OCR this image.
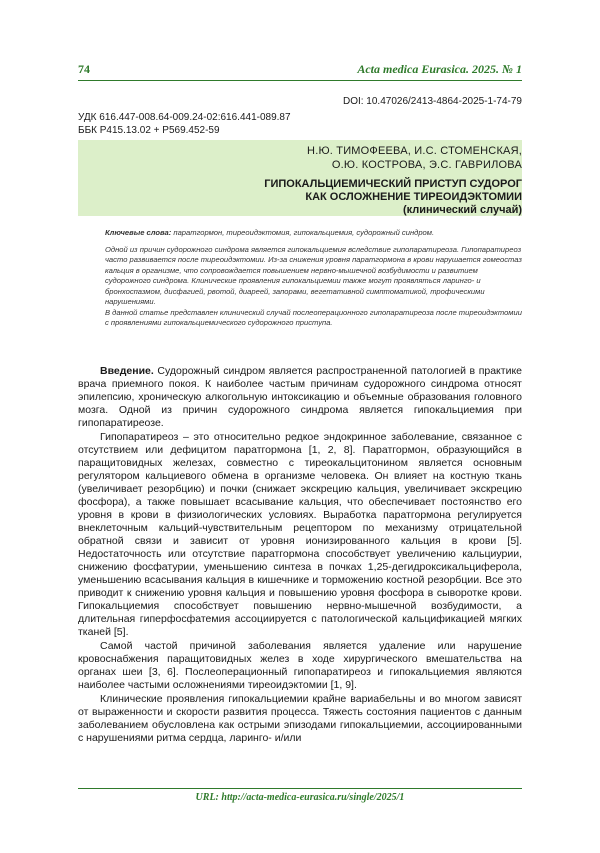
74	Acta medica Eurasica. 2025. № 1
DOI: 10.47026/2413-4864-2025-1-74-79
УДК 616.447-008.64-009.24-02:616.441-089.87
ББК Р415.13.02 + Р569.452-59
Н.Ю. ТИМОФЕЕВА, И.С. СТОМЕНСКАЯ,
О.Ю. КОСТРОВА, Э.С. ГАВРИЛОВА
ГИПОКАЛЬЦИЕМИЧЕСКИЙ ПРИСТУП СУДОРОГ
КАК ОСЛОЖНЕНИЕ ТИРЕОИДЭКТОМИИ
(клинический случай)

Ключевые слова: паратгормон, тиреоидэктомия, гипокальциемия, судорожный синдром.

Одной из причин судорожного синдрома является гипокальциемия вследствие гипопаратиреоза. Гипопаратиреоз часто развивается после тиреоидэктомии. Из-за снижения уровня паратгормона в крови нарушается гомеостаз кальция в организме, что сопровождается повышением нервно-мышечной возбудимости и развитием судорожного синдрома. Клинические проявления гипокальциемии также могут проявляться ларинго- и бронхоспазмом, дисфагией, рвотой, диареей, запорами, вегетативной симптоматикой, трофическими нарушениями.

В данной статье представлен клинический случай послеоперационного гипопаратиреоза после тиреоидэктомии с проявлениями гипокальциемического судорожного приступа.

Введение. Судорожный синдром является распространенной патологией в практике врача приемного покоя. К наиболее частым причинам судорожного синдрома относят эпилепсию, хроническую алкогольную интоксикацию и объемные образования головного мозга. Одной из причин судорожного синдрома является гипокальциемия при гипопаратиреозе.

Гипопаратиреоз – это относительно редкое эндокринное заболевание, связанное с отсутствием или дефицитом паратгормона [1, 2, 8]. Паратгормон, образующийся в паращитовидных железах, совместно с тиреокальцитонином является основным регулятором кальциевого обмена в организме человека. Он влияет на костную ткань (увеличивает резорбцию) и почки (снижает экскрецию кальция, увеличивает экскрецию фосфора), а также повышает всасывание кальция, что обеспечивает постоянство его уровня в крови в физиологических условиях. Выработка паратгормона регулируется внеклеточным кальций-чувствительным рецептором по механизму отрицательной обратной связи и зависит от уровня ионизированного кальция в крови [5]. Недостаточность или отсутствие паратгормона способствует увеличению кальциурии, снижению фосфатурии, уменьшению синтеза в почках 1,25-дегидроксикальциферола, уменьшению всасывания кальция в кишечнике и торможению костной резорбции. Все это приводит к снижению уровня кальция и повышению уровня фосфора в сыворотке крови. Гипокальциемия способствует повышению нервно-мышечной возбудимости, а длительная гиперфосфатемия ассоциируется с патологической кальцификацией мягких тканей [5].

Самой частой причиной заболевания является удаление или нарушение кровоснабжения паращитовидных желез в ходе хирургического вмешательства на органах шеи [3, 6]. Послеоперационный гипопаратиреоз и гипокальциемия являются наиболее частыми осложнениями тиреоидэктомии [1, 9].

Клинические проявления гипокальциемии крайне вариабельны и во многом зависят от выраженности и скорости развития процесса. Тяжесть состояния пациентов с данным заболеванием обусловлена как острыми эпизодами гипокальциемии, ассоциированными с нарушениями ритма сердца, ларинго- и/или

URL: http://acta-medica-eurasica.ru/single/2025/1
